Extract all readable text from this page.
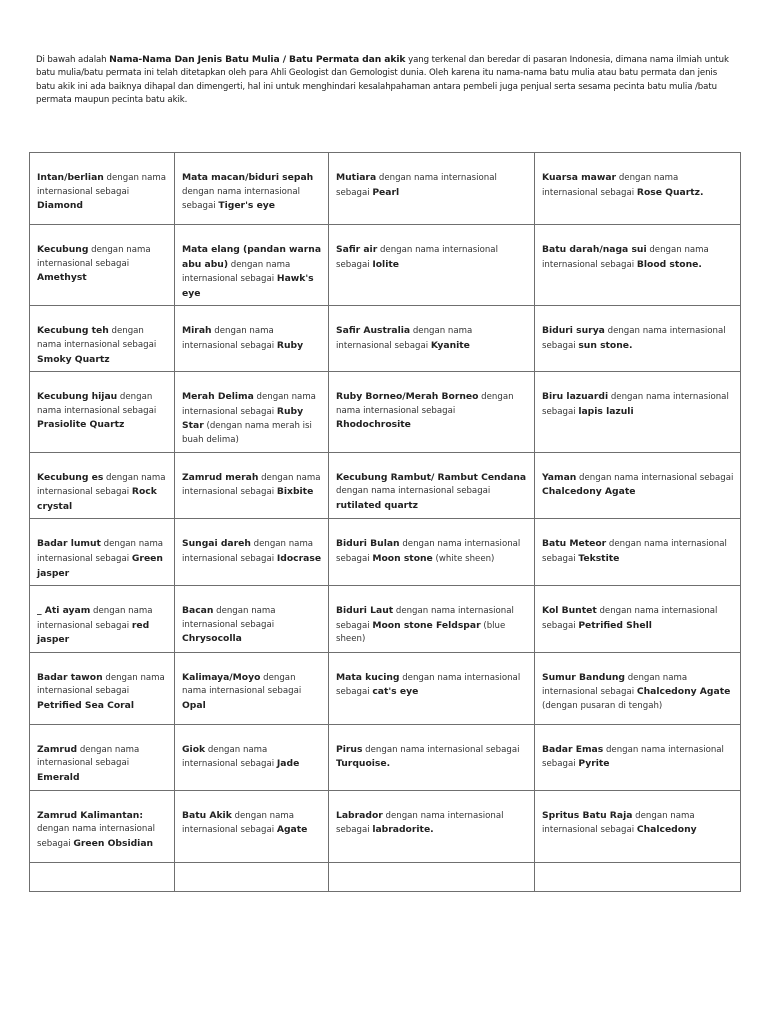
Di bawah adalah Nama-Nama Dan Jenis Batu Mulia / Batu Permata dan akik yang terkenal dan beredar di pasaran Indonesia, dimana nama ilmiah untuk batu mulia/batu permata ini telah ditetapkan oleh para Ahli Geologist dan Gemologist dunia. Oleh karena itu nama-nama batu mulia atau batu permata dan jenis batu akik ini ada baiknya dihapal dan dimengerti, hal ini untuk menghindari kesalahpahaman antara pembeli juga penjual serta sesama pecinta batu mulia /batu permata maupun pecinta batu akik.
Intan/berlian dengan nama internasional sebagai Diamond	Mata macan/biduri sepah dengan nama internasional sebagai Tiger's eye	Mutiara dengan nama internasional sebagai Pearl	Kuarsa mawar dengan nama internasional sebagai Rose Quartz.
Kecubung dengan nama internasional sebagai Amethyst	Mata elang (pandan warna abu abu) dengan nama internasional sebagai Hawk's eye	Safir air dengan nama internasional sebagai Iolite	Batu darah/naga sui dengan nama internasional sebagai Blood stone.
Kecubung teh dengan nama internasional sebagai Smoky Quartz	Mirah dengan nama internasional sebagai Ruby	Safir Australia dengan nama internasional sebagai Kyanite	Biduri surya dengan nama internasional sebagai sun stone.
Kecubung hijau dengan nama internasional sebagai Prasiolite Quartz	Merah Delima dengan nama internasional sebagai Ruby Star (dengan nama merah isi buah delima)	Ruby Borneo/Merah Borneo dengan nama internasional sebagai Rhodochrosite	Biru lazuardi dengan nama internasional sebagai lapis lazuli
Kecubung es dengan nama internasional sebagai Rock crystal	Zamrud merah dengan nama internasional sebagai Bixbite	Kecubung Rambut/ Rambut Cendana dengan nama internasional sebagai rutilated quartz	Yaman dengan nama internasional sebagai Chalcedony Agate
Badar lumut dengan nama internasional sebagai Green jasper	Sungai dareh dengan nama internasional sebagai Idocrase	Biduri Bulan dengan nama internasional sebagai Moon stone (white sheen)	Batu Meteor dengan nama internasional sebagai Tekstite
_ Ati ayam dengan nama internasional sebagai red jasper	Bacan dengan nama internasional sebagai Chrysocolla	Biduri Laut dengan nama internasional sebagai Moon stone Feldspar (blue sheen)	Kol Buntet dengan nama internasional sebagai Petrified Shell
Badar tawon dengan nama internasional sebagai Petrified Sea Coral	Kalimaya/Moyo dengan nama internasional sebagai Opal	Mata kucing dengan nama internasional sebagai cat's eye	Sumur Bandung dengan nama internasional sebagai Chalcedony Agate (dengan pusaran di tengah)
Zamrud dengan nama internasional sebagai Emerald	Giok dengan nama internasional sebagai Jade	Pirus dengan nama internasional sebagai Turquoise.	Badar Emas dengan nama internasional sebagai Pyrite
Zamrud Kalimantan: dengan nama internasional sebagai Green Obsidian	Batu Akik dengan nama internasional sebagai Agate	Labrador dengan nama internasional sebagai labradorite.	Spritus Batu Raja dengan nama internasional sebagai Chalcedony
